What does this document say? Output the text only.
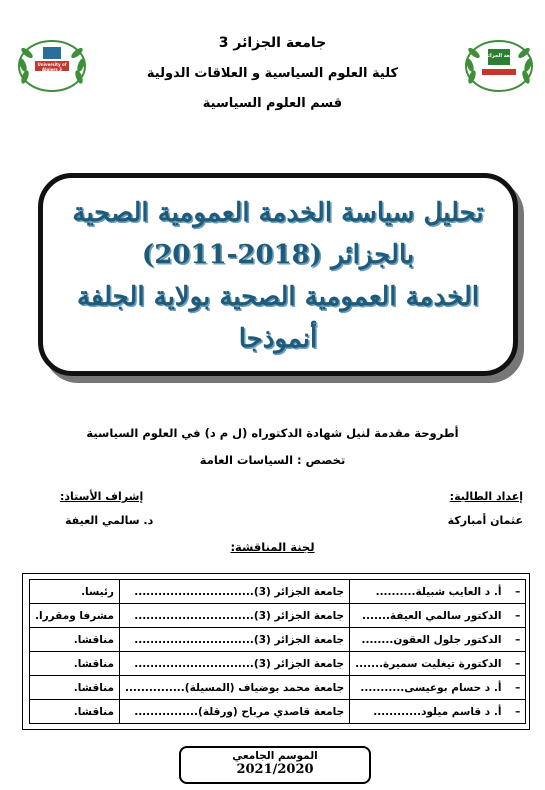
University of Algiers 3
جامعة الجزائر 3
جامعة الجزائر 3
كلية العلوم السياسية و العلاقات الدولية
قسم العلوم السياسية
تحليل سياسة الخدمة العمومية الصحية
بالجزائر (2018-2011)
الخدمة العمومية الصحية بولاية الجلفة
أنموذجا
أطروحة مقدمة لنيل شهادة الدكتوراه (ل م د) في العلوم السياسية
تخصص : السياسات العامة
إعداد الطالبة:
عثمان أمباركة
إشراف الأستاذ:
د. سالمي العيفة
لجنة المناقشة:
– أ. د العايب شبيلة..........	جامعة الجزائر (3)..............................	رئيسا.
– الدكتور سالمي العيفة.......	جامعة الجزائر (3)..............................	مشرفا ومقررا.
– الدكتور جلول العقون........	جامعة الجزائر (3)..............................	مناقشا.
– الدكتورة تيغليت سميرة.......	جامعة الجزائر (3)..............................	مناقشا.
– أ. د حسام بوعيسى...........	جامعة محمد بوضياف (المسيلة)...............	مناقشا.
– أ. د قاسم ميلود............	جامعة قاصدي مرباح (ورقلة)................	مناقشا.
الموسم الجامعي
2021/2020
